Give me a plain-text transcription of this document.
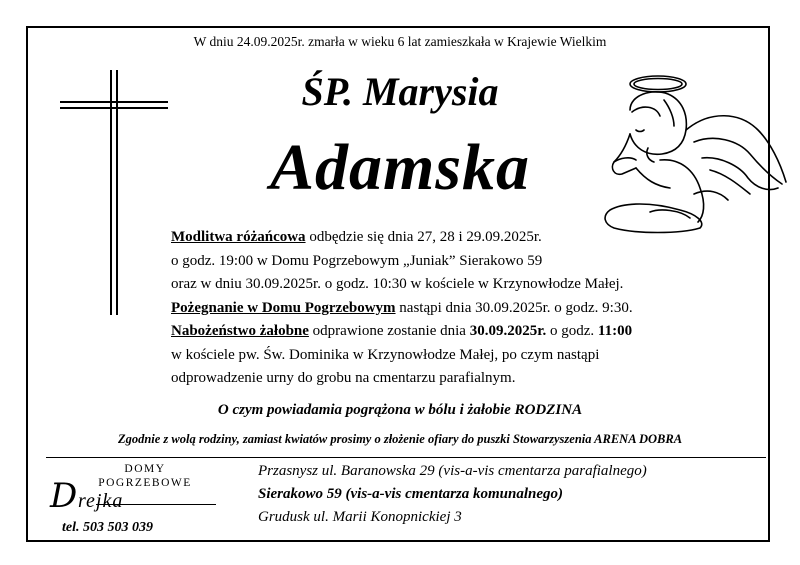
W dniu 24.09.2025r. zmarła w wieku 6 lat zamieszkała w Krajewie Wielkim
ŚP. Marysia
Adamska
Modlitwa różańcowa odbędzie się dnia 27, 28 i 29.09.2025r.
o godz. 19:00 w Domu Pogrzebowym „Juniak” Sierakowo 59
oraz w dniu 30.09.2025r. o godz. 10:30 w kościele w Krzynowłodze Małej.
Pożegnanie w Domu Pogrzebowym nastąpi dnia 30.09.2025r. o godz. 9:30.
Nabożeństwo żałobne odprawione zostanie dnia 30.09.2025r. o godz. 11:00
w kościele pw. Św. Dominika w Krzynowłodze Małej, po czym nastąpi
odprowadzenie urny do grobu na cmentarzu parafialnym.
O czym powiadamia pogrążona w bólu i żałobie RODZINA
Zgodnie z wolą rodziny, zamiast kwiatów prosimy o złożenie ofiary do puszki Stowarzyszenia ARENA DOBRA
DOMY
POGRZEBOWE
D rejka
tel. 503 503 039
Przasnysz ul. Baranowska 29 (vis-a-vis cmentarza parafialnego)
Sierakowo 59 (vis-a-vis cmentarza komunalnego)
Grudusk ul. Marii Konopnickiej 3
